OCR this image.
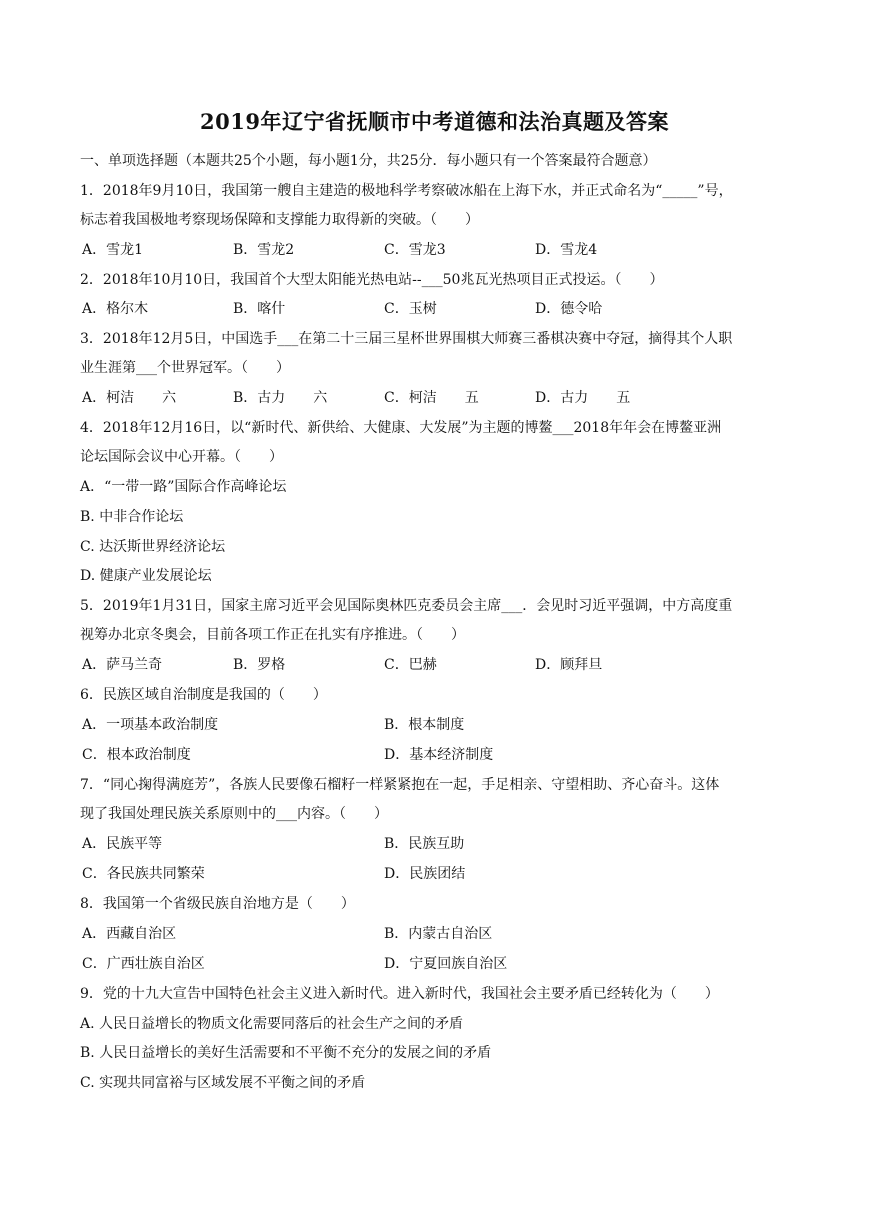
2019年辽宁省抚顺市中考道德和法治真题及答案
一、单项选择题（本题共25个小题，每小题1分，共25分．每小题只有一个答案最符合题意）
1．2018年9月10日，我国第一艘自主建造的极地科学考察破冰船在上海下水，并正式命名为“_____”号，
标志着我国极地考察现场保障和支撑能力取得新的突破。（　　）
A．雪龙1	B．雪龙2	C．雪龙3	D．雪龙4
2．2018年10月10日，我国首个大型太阳能光热电站--___50兆瓦光热项目正式投运。（　　）
A．格尔木	B．喀什	C．玉树	D．德令哈
3．2018年12月5日，中国选手___在第二十三届三星杯世界围棋大师赛三番棋决赛中夺冠，摘得其个人职
业生涯第___个世界冠军。（　　）
A．柯洁　　六	B．古力　　六	C．柯洁　　五	D．古力　　五
4．2018年12月16日，以“新时代、新供给、大健康、大发展”为主题的博鳌___2018年年会在博鳌亚洲
论坛国际会议中心开幕。（　　）
A．“一带一路”国际合作高峰论坛
B. 中非合作论坛
C. 达沃斯世界经济论坛
D. 健康产业发展论坛
5．2019年1月31日，国家主席习近平会见国际奥林匹克委员会主席___．会见时习近平强调，中方高度重
视筹办北京冬奥会，目前各项工作正在扎实有序推进。（　　）
A．萨马兰奇	B．罗格	C．巴赫	D．顾拜旦
6．民族区域自治制度是我国的（　　）
A．一项基本政治制度	B．根本制度
C．根本政治制度	D．基本经济制度
7．“同心掬得满庭芳”，各族人民要像石榴籽一样紧紧抱在一起，手足相亲、守望相助、齐心奋斗。这体
现了我国处理民族关系原则中的___内容。（　　）
A．民族平等	B．民族互助
C．各民族共同繁荣	D．民族团结
8．我国第一个省级民族自治地方是（　　）
A．西藏自治区	B．内蒙古自治区
C．广西壮族自治区	D．宁夏回族自治区
9．党的十九大宣告中国特色社会主义进入新时代。进入新时代，我国社会主要矛盾已经转化为（　　）
A. 人民日益增长的物质文化需要同落后的社会生产之间的矛盾
B. 人民日益增长的美好生活需要和不平衡不充分的发展之间的矛盾
C. 实现共同富裕与区域发展不平衡之间的矛盾
